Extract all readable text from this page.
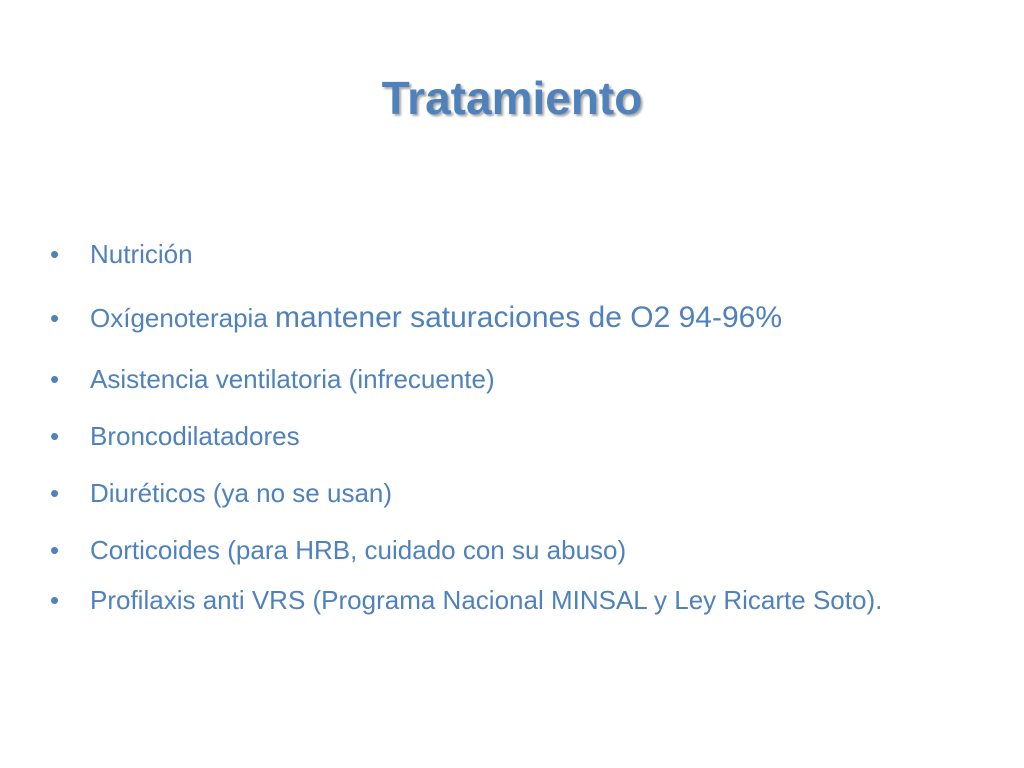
Tratamiento
•	Nutrición
•	Oxígenoterapia mantener saturaciones de O2 94-96%
•	Asistencia ventilatoria (infrecuente)
•	Broncodilatadores
•	Diuréticos (ya no se usan)
•	Corticoides (para HRB, cuidado con su abuso)
•	Profilaxis anti VRS (Programa Nacional MINSAL y Ley Ricarte Soto).
